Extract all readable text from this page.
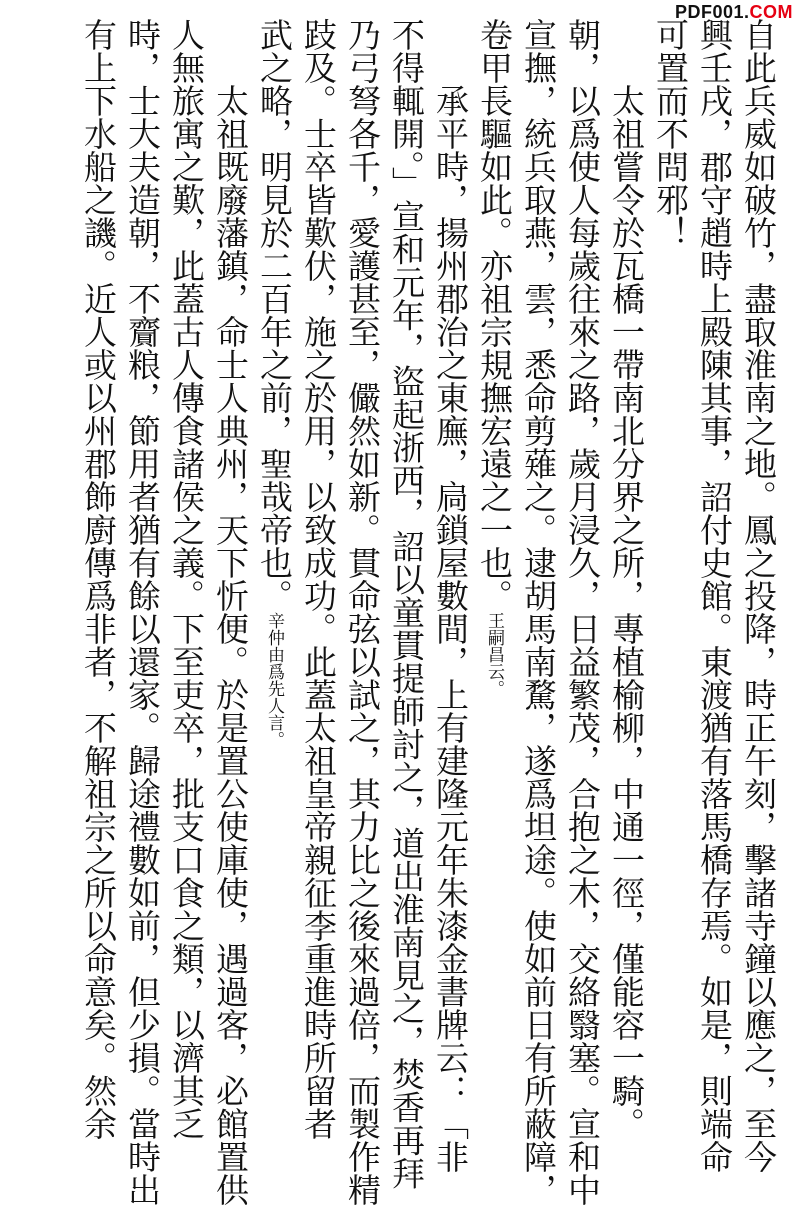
PDF001.COM

自此兵威如破竹，盡取淮南之地。鳳之投降，時正午刻，擊諸寺鐘以應之，至今

興壬戌，郡守趙時上殿陳其事，詔付史館。東渡猶有落馬橋存焉。如是，則端命

可置而不問邪！

太祖嘗令於瓦橋一帶南北分界之所，專植榆柳，中通一徑，僅能容一騎。

朝，以爲使人每歲往來之路，歲月浸久，日益繁茂，合抱之木，交絡翳塞。宣和中

宣撫，統兵取燕，雲，悉命剪薙之。逮胡馬南騖，遂爲坦途。使如前日有所蔽障，

卷甲長驅如此。亦祖宗規撫宏遠之一也。王嗣昌云。

承平時，揚州郡治之東廡，扃鎖屋數間，上有建隆元年朱漆金書牌云：「非

不得輒開。」宣和元年，盜起浙西，詔以童貫提師討之，道出淮南見之，焚香再拜

乃弓弩各千，愛護甚至，儼然如新。貫命弦以試之，其力比之後來過倍，而製作精

跂及。士卒皆歎伏，施之於用，以致成功。此蓋太祖皇帝親征李重進時所留者

武之略，明見於二百年之前，聖哉帝也。辛仲由爲先人言。

太祖既廢藩鎮，命士人典州，天下忻便。於是置公使庫使，遇過客，必館置供

人無旅寓之歎，此蓋古人傳食諸侯之義。下至吏卒，批支口食之類，以濟其乏

時，士大夫造朝，不齎粮，節用者猶有餘以還家。歸途禮數如前，但少損。當時出

有上下水船之譏。近人或以州郡飾廚傳爲非者，不解祖宗之所以命意矣。然余
